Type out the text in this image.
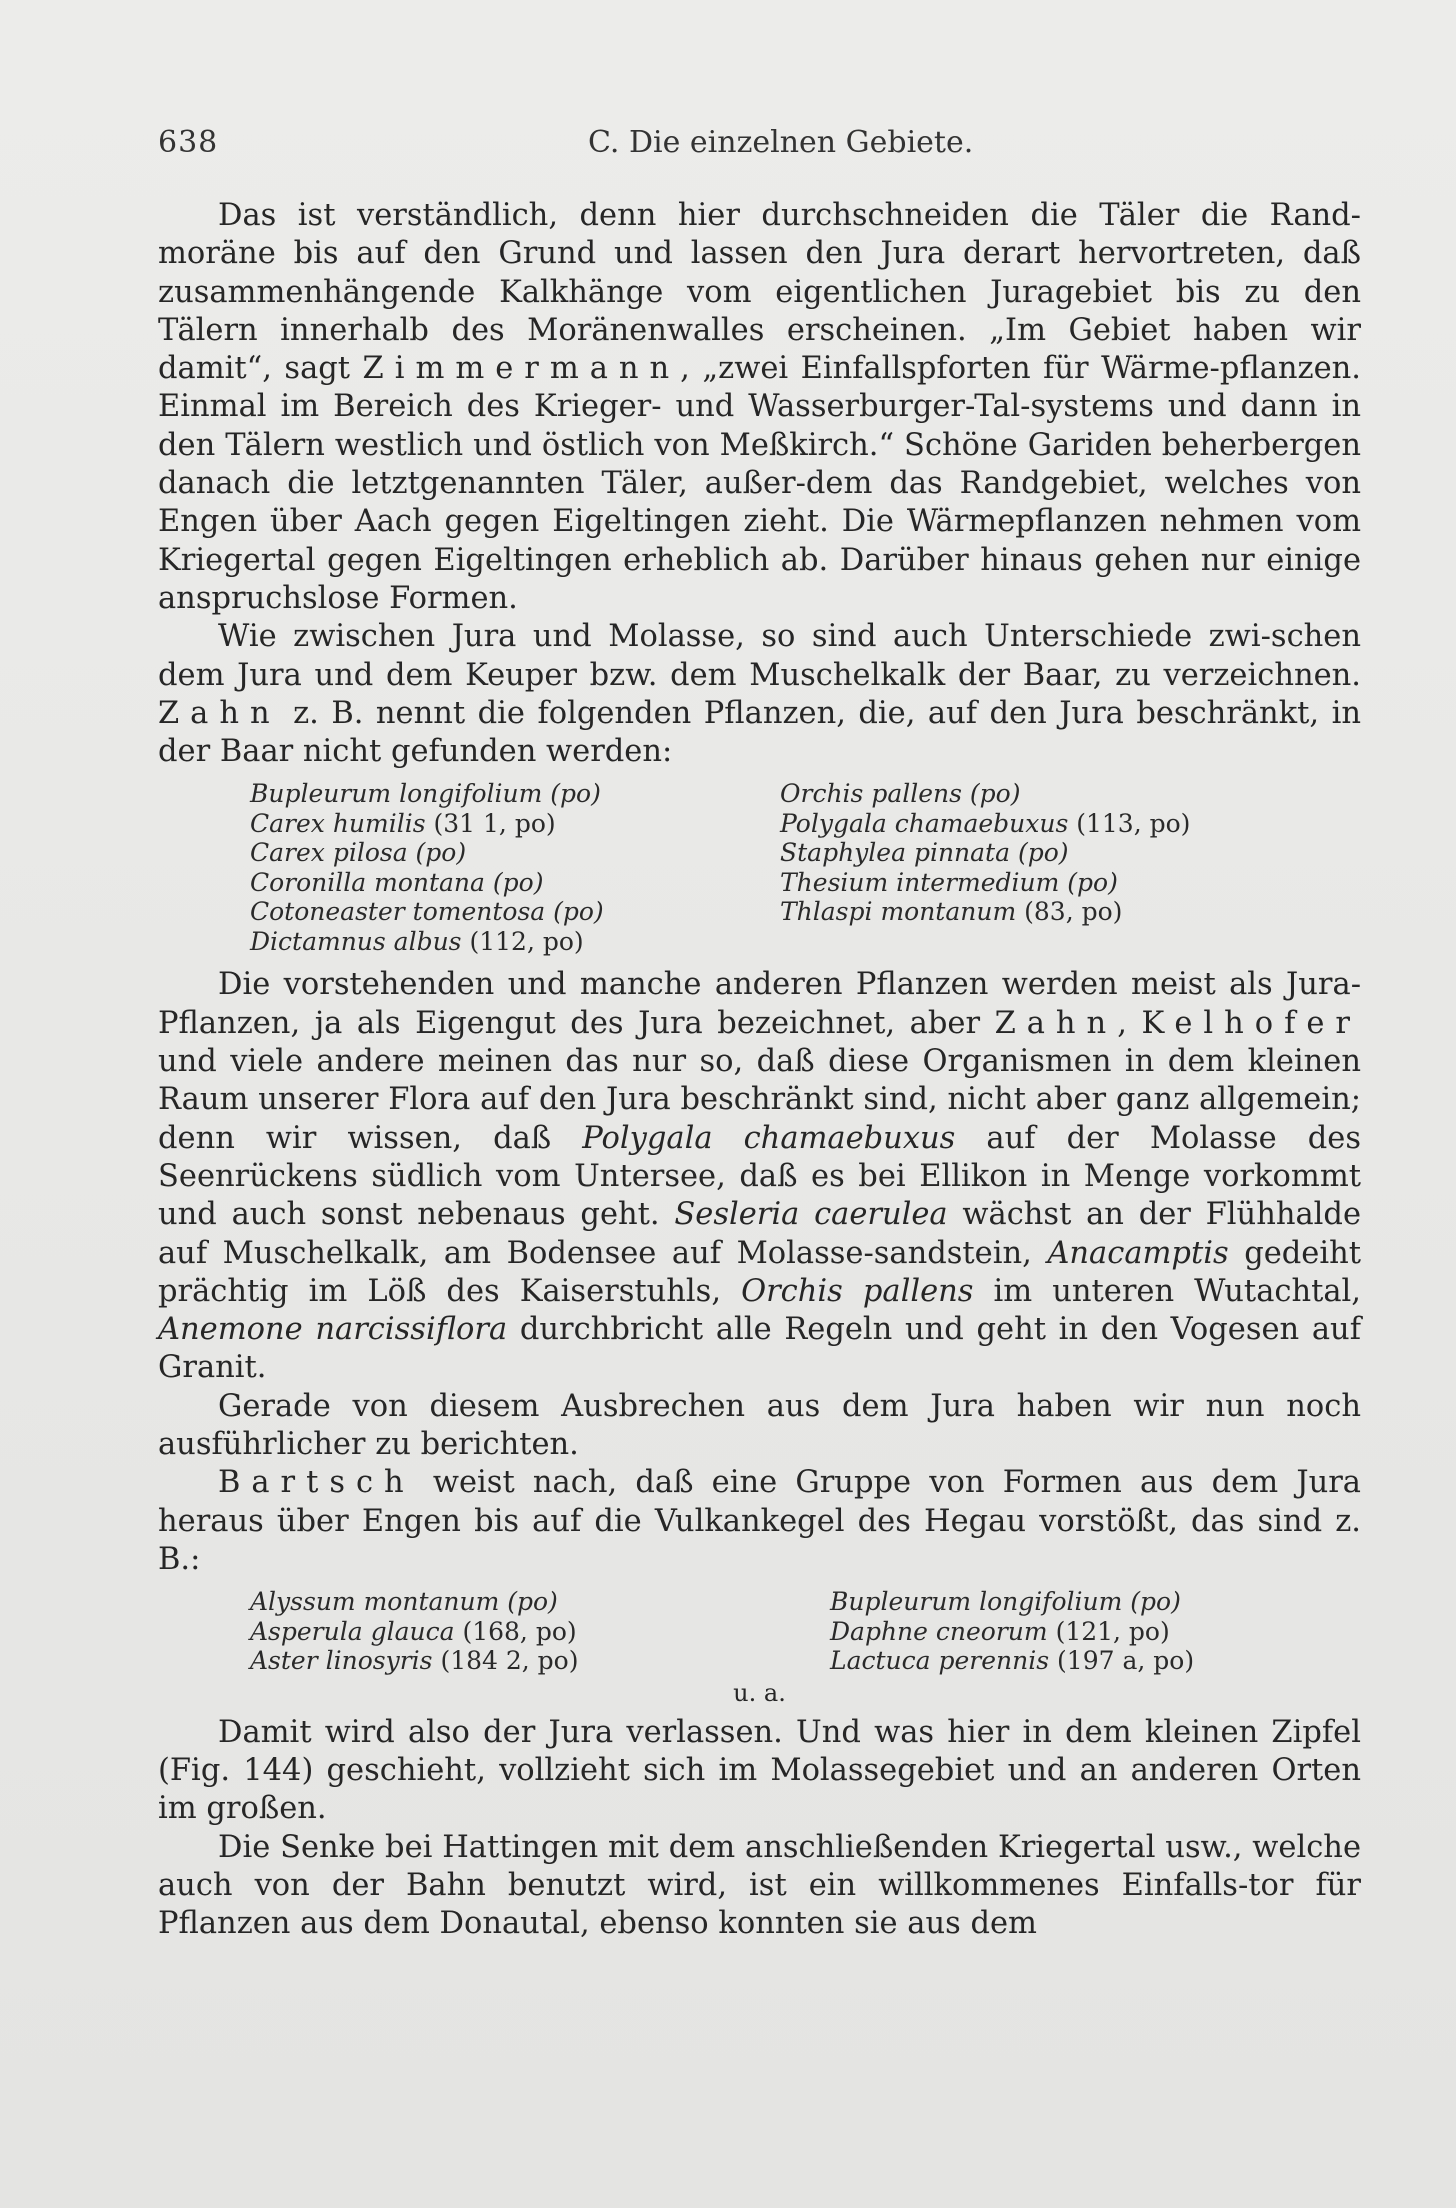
638	C. Die einzelnen Gebiete.

Das ist verständlich, denn hier durchschneiden die Täler die Rand-moräne bis auf den Grund und lassen den Jura derart hervortreten, daß zusammenhängende Kalkhänge vom eigentlichen Juragebiet bis zu den Tälern innerhalb des Moränenwalles erscheinen. „Im Gebiet haben wir damit“, sagt Zimmermann, „zwei Einfallspforten für Wärme-pflanzen. Einmal im Bereich des Krieger- und Wasserburger-Tal-systems und dann in den Tälern westlich und östlich von Meßkirch.“ Schöne Gariden beherbergen danach die letztgenannten Täler, außer-dem das Randgebiet, welches von Engen über Aach gegen Eigeltingen zieht. Die Wärmepflanzen nehmen vom Kriegertal gegen Eigeltingen erheblich ab. Darüber hinaus gehen nur einige anspruchslose Formen.

Wie zwischen Jura und Molasse, so sind auch Unterschiede zwi-schen dem Jura und dem Keuper bzw. dem Muschelkalk der Baar, zu verzeichnen. Zahn z. B. nennt die folgenden Pflanzen, die, auf den Jura beschränkt, in der Baar nicht gefunden werden:

Bupleurum longifolium (po)
Carex humilis (31 1, po)
Carex pilosa (po)
Coronilla montana (po)
Cotoneaster tomentosa (po)
Dictamnus albus (112, po)
Orchis pallens (po)
Polygala chamaebuxus (113, po)
Staphylea pinnata (po)
Thesium intermedium (po)
Thlaspi montanum (83, po)

Die vorstehenden und manche anderen Pflanzen werden meist als Jura-Pflanzen, ja als Eigengut des Jura bezeichnet, aber Zahn, Kelhofer und viele andere meinen das nur so, daß diese Organismen in dem kleinen Raum unserer Flora auf den Jura beschränkt sind, nicht aber ganz allgemein; denn wir wissen, daß Polygala chamaebuxus auf der Molasse des Seenrückens südlich vom Untersee, daß es bei Ellikon in Menge vorkommt und auch sonst nebenaus geht. Sesleria caerulea wächst an der Flühhalde auf Muschelkalk, am Bodensee auf Molasse-sandstein, Anacamptis gedeiht prächtig im Löß des Kaiserstuhls, Orchis pallens im unteren Wutachtal, Anemone narcissiflora durchbricht alle Regeln und geht in den Vogesen auf Granit.

Gerade von diesem Ausbrechen aus dem Jura haben wir nun noch ausführlicher zu berichten.

Bartsch weist nach, daß eine Gruppe von Formen aus dem Jura heraus über Engen bis auf die Vulkankegel des Hegau vorstößt, das sind z. B.:

Alyssum montanum (po)
Asperula glauca (168, po)
Aster linosyris (184 2, po)
Bupleurum longifolium (po)
Daphne cneorum (121, po)
Lactuca perennis (197 a, po)
u. a.

Damit wird also der Jura verlassen. Und was hier in dem kleinen Zipfel (Fig. 144) geschieht, vollzieht sich im Molassegebiet und an anderen Orten im großen.

Die Senke bei Hattingen mit dem anschließenden Kriegertal usw., welche auch von der Bahn benutzt wird, ist ein willkommenes Einfalls-tor für Pflanzen aus dem Donautal, ebenso konnten sie aus dem
